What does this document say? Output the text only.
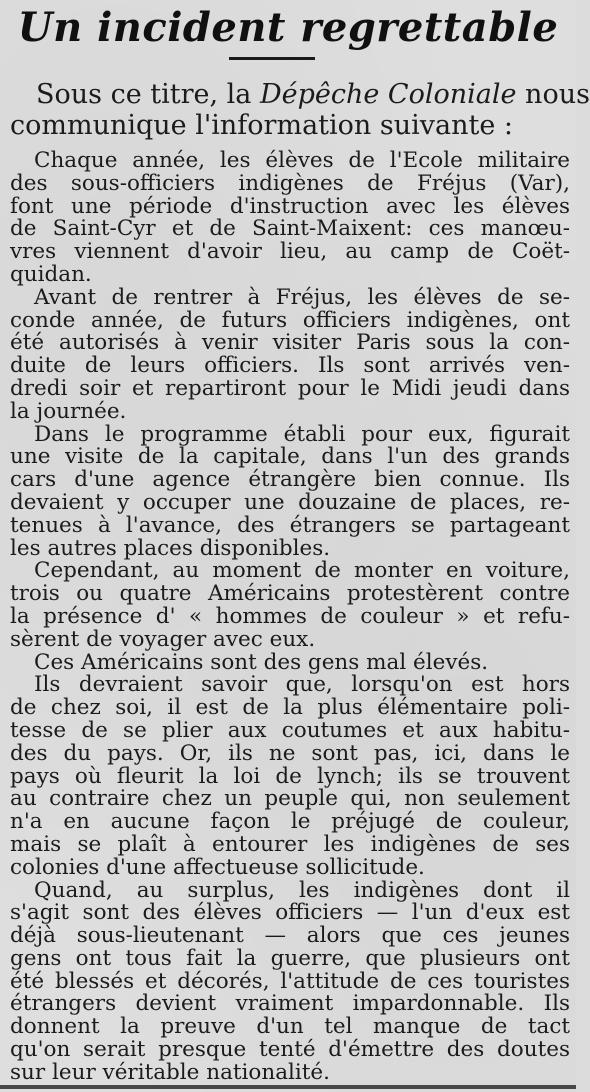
Un incident regrettable
Sous ce titre, la Dépêche Coloniale nous
communique l'information suivante :
Chaque année, les élèves de l'Ecole militaire
des sous-officiers indigènes de Fréjus (Var),
font une période d'instruction avec les élèves
de Saint-Cyr et de Saint-Maixent: ces manœu-
vres viennent d'avoir lieu, au camp de Coët-
quidan.
Avant de rentrer à Fréjus, les élèves de se-
conde année, de futurs officiers indigènes, ont
été autorisés à venir visiter Paris sous la con-
duite de leurs officiers. Ils sont arrivés ven-
dredi soir et repartiront pour le Midi jeudi dans
la journée.
Dans le programme établi pour eux, figurait
une visite de la capitale, dans l'un des grands
cars d'une agence étrangère bien connue. Ils
devaient y occuper une douzaine de places, re-
tenues à l'avance, des étrangers se partageant
les autres places disponibles.
Cependant, au moment de monter en voiture,
trois ou quatre Américains protestèrent contre
la présence d' « hommes de couleur » et refu-
sèrent de voyager avec eux.
Ces Américains sont des gens mal élevés.
Ils devraient savoir que, lorsqu'on est hors
de chez soi, il est de la plus élémentaire poli-
tesse de se plier aux coutumes et aux habitu-
des du pays. Or, ils ne sont pas, ici, dans le
pays où fleurit la loi de lynch; ils se trouvent
au contraire chez un peuple qui, non seulement
n'a en aucune façon le préjugé de couleur,
mais se plaît à entourer les indigènes de ses
colonies d'une affectueuse sollicitude.
Quand, au surplus, les indigènes dont il
s'agit sont des élèves officiers — l'un d'eux est
déjà sous-lieutenant — alors que ces jeunes
gens ont tous fait la guerre, que plusieurs ont
été blessés et décorés, l'attitude de ces touristes
étrangers devient vraiment impardonnable. Ils
donnent la preuve d'un tel manque de tact
qu'on serait presque tenté d'émettre des doutes
sur leur véritable nationalité.
